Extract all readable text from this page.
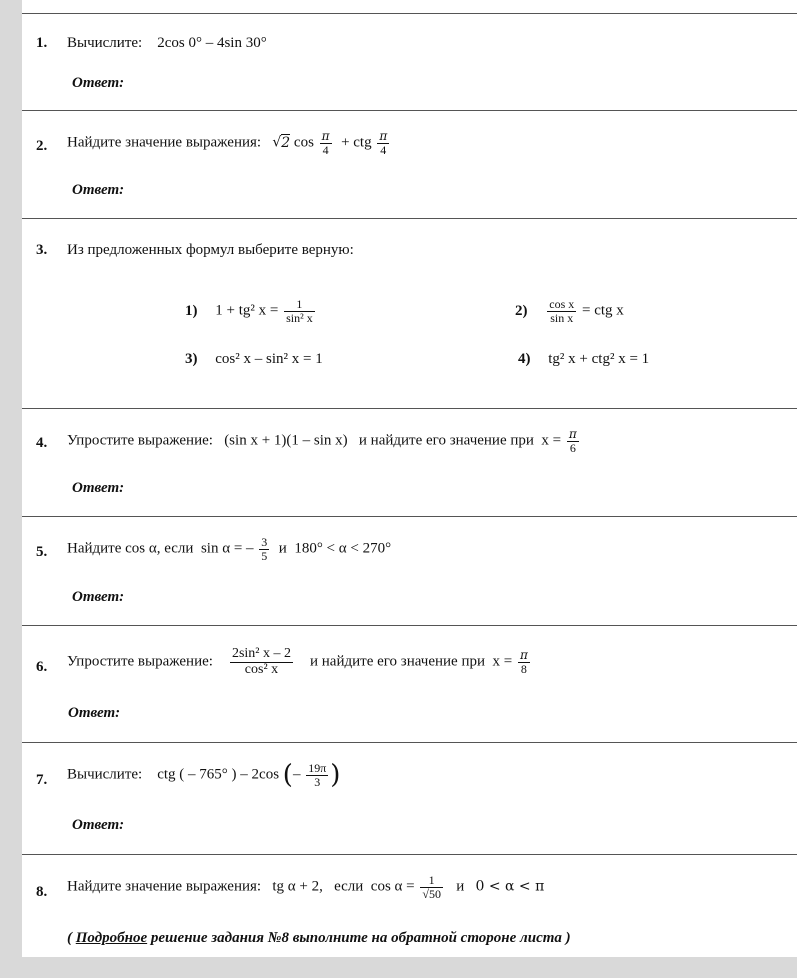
1. Вычислите: 2cos 0° – 4sin 30°
Ответ:
2. Найдите значение выражения: √2 $\cos \frac{\pi}{4}$ + ctg $\frac{\pi}{4}$
Ответ:
3. Из предложенных формул выберите верную:
1) 1 + tg² $x = \frac{1}{\text{sin² x}}$	$2) \frac{\text{cos x}}{\text{sin x}}$ = ctg x
3) cos² x – sin² x = 1	4) tg² x + ctg² x = 1
4. Упростите выражение: (sin x + 1)(1 – sin x) и найдите его значение при $x = \frac{\pi}{6}$
Ответ:
5. Найдите cos α, если sin α = – $\frac{3}{5}$ и 180° < α < 270°
Ответ:
6. Упростите выражение: $\frac{\text{2sin² x – 2}}{\text{cos² x}}$ и найдите его значение при $x = \frac{\pi}{8}$
Ответ:
7. Вычислите: ctg ( – 765° ) – 2cos (– $\frac{19\pi}{3}$ )
Ответ:
8. Найдите значение выражения: tg α + 2, если $\cos \alpha = \frac{1}{√50}$ и 0 < α < π
( Подробное решение задания №8 выполните на обратной стороне листа )
